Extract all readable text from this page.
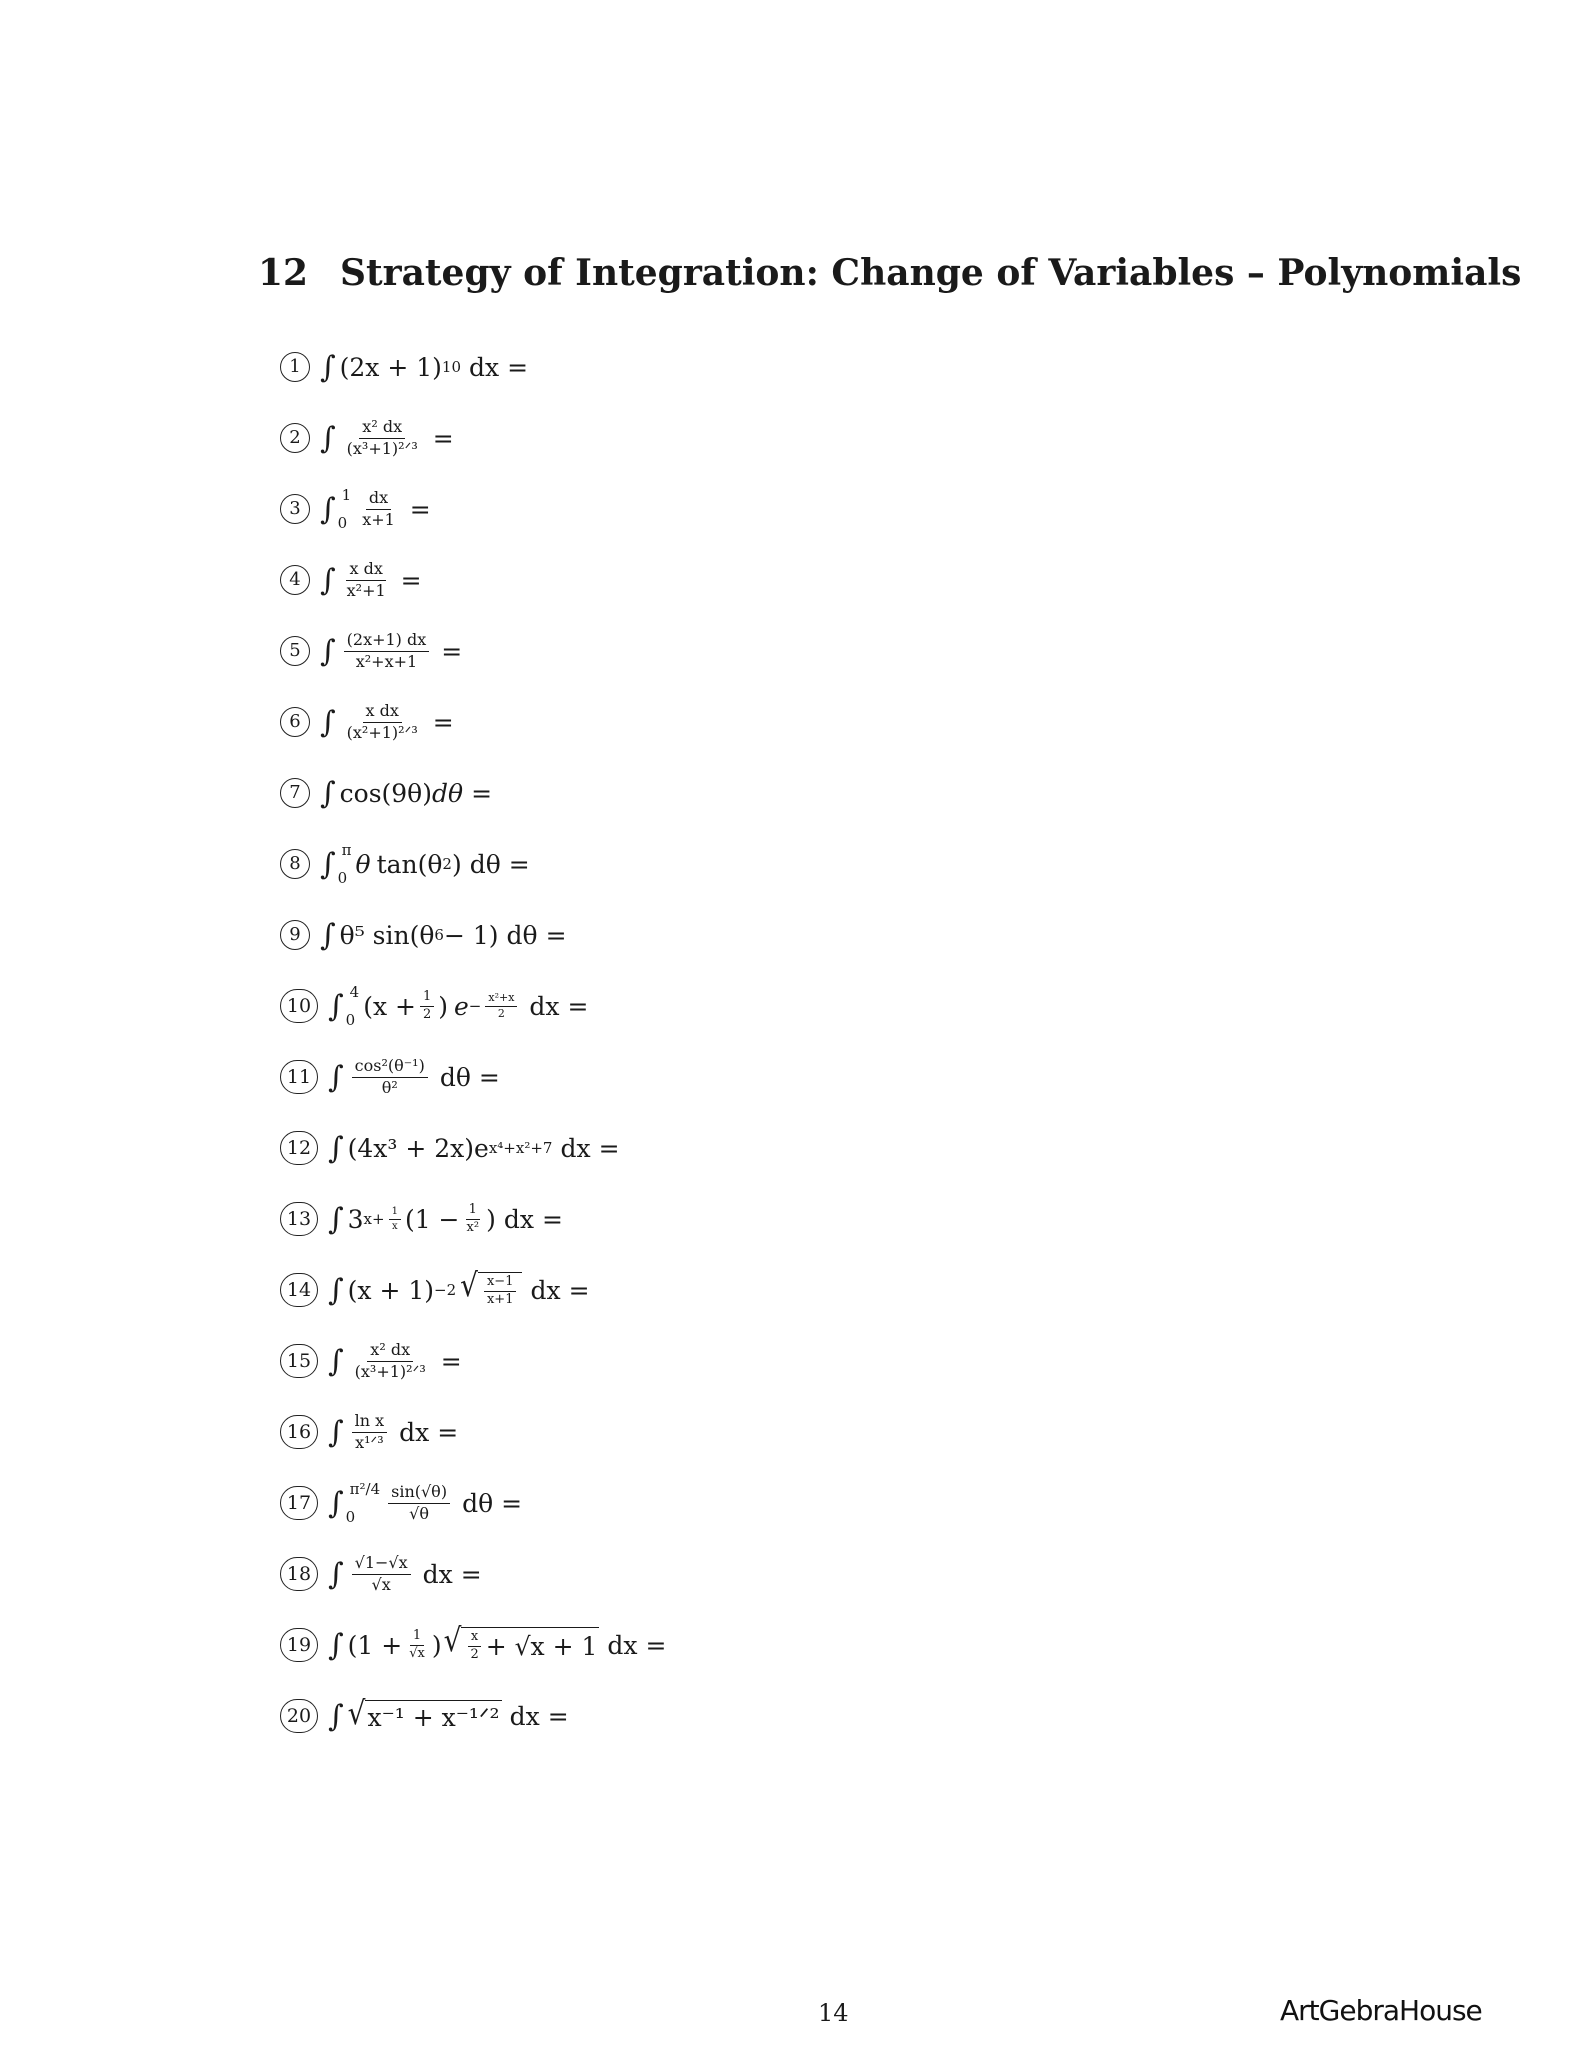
12 Strategy of Integration: Change of Variables – Polynomials
1 ∫ (2x + 1) 10 dx =
2 ∫ $\frac{\text{x² dx}}{\text{(x³+1)²ᐟ³}}$ =
3 ∫ 1
$0 \frac{dx}{x+1}$ =
4 ∫ $\frac{\text{x dx}}{\text{x²+1}}$ =
5 ∫ $\frac{(2x+1) dx}{\text{x²+x+1}}$ =
6 ∫ $\frac{\text{x dx}}{\text{(x²+1)²ᐟ³}}$ =
7 ∫ cos(9θ) d θ =
8 ∫ π
0 θ tan(θ 2 ) dθ =
9 ∫ θ⁵ sin(θ 6 − 1) dθ =
10 ∫ 4
0 ($x + \frac{1}{2}$ ) $e - \frac{\text{x²+x}}{2}$ dx =
11 ∫ $\frac{\text{cos²(θ⁻¹)}}{\text{θ²}}$ dθ =
12 ∫ (4x³ + 2x)e x⁴+x²+7 dx =
13 ∫ 3 $x+ \frac{1}{x} (1 - \frac{1}{\text{x²}}$ ) dx =
14 ∫ (x + 1) −2 √ $\frac{x-1}{x+1}$ dx =
15 ∫ $\frac{\text{x² dx}}{\text{(x³+1)²ᐟ³}}$ =
16 ∫ $\frac{\text{ln x}}{\text{x¹ᐟ³}}$ dx =
17 ∫ π²/4
0	$\frac{\sin(√\theta)}{√\theta}$ dθ =
18 ∫ $\frac{√1-√x}{√x}$ dx =
19 ∫ ($1 + \frac{1}{√x}$ ) √ $\frac{x}{2} + √x + 1$ dx =
20 ∫ √ x⁻¹ + x⁻¹ᐟ² dx =
14	ArtGebraHouse
